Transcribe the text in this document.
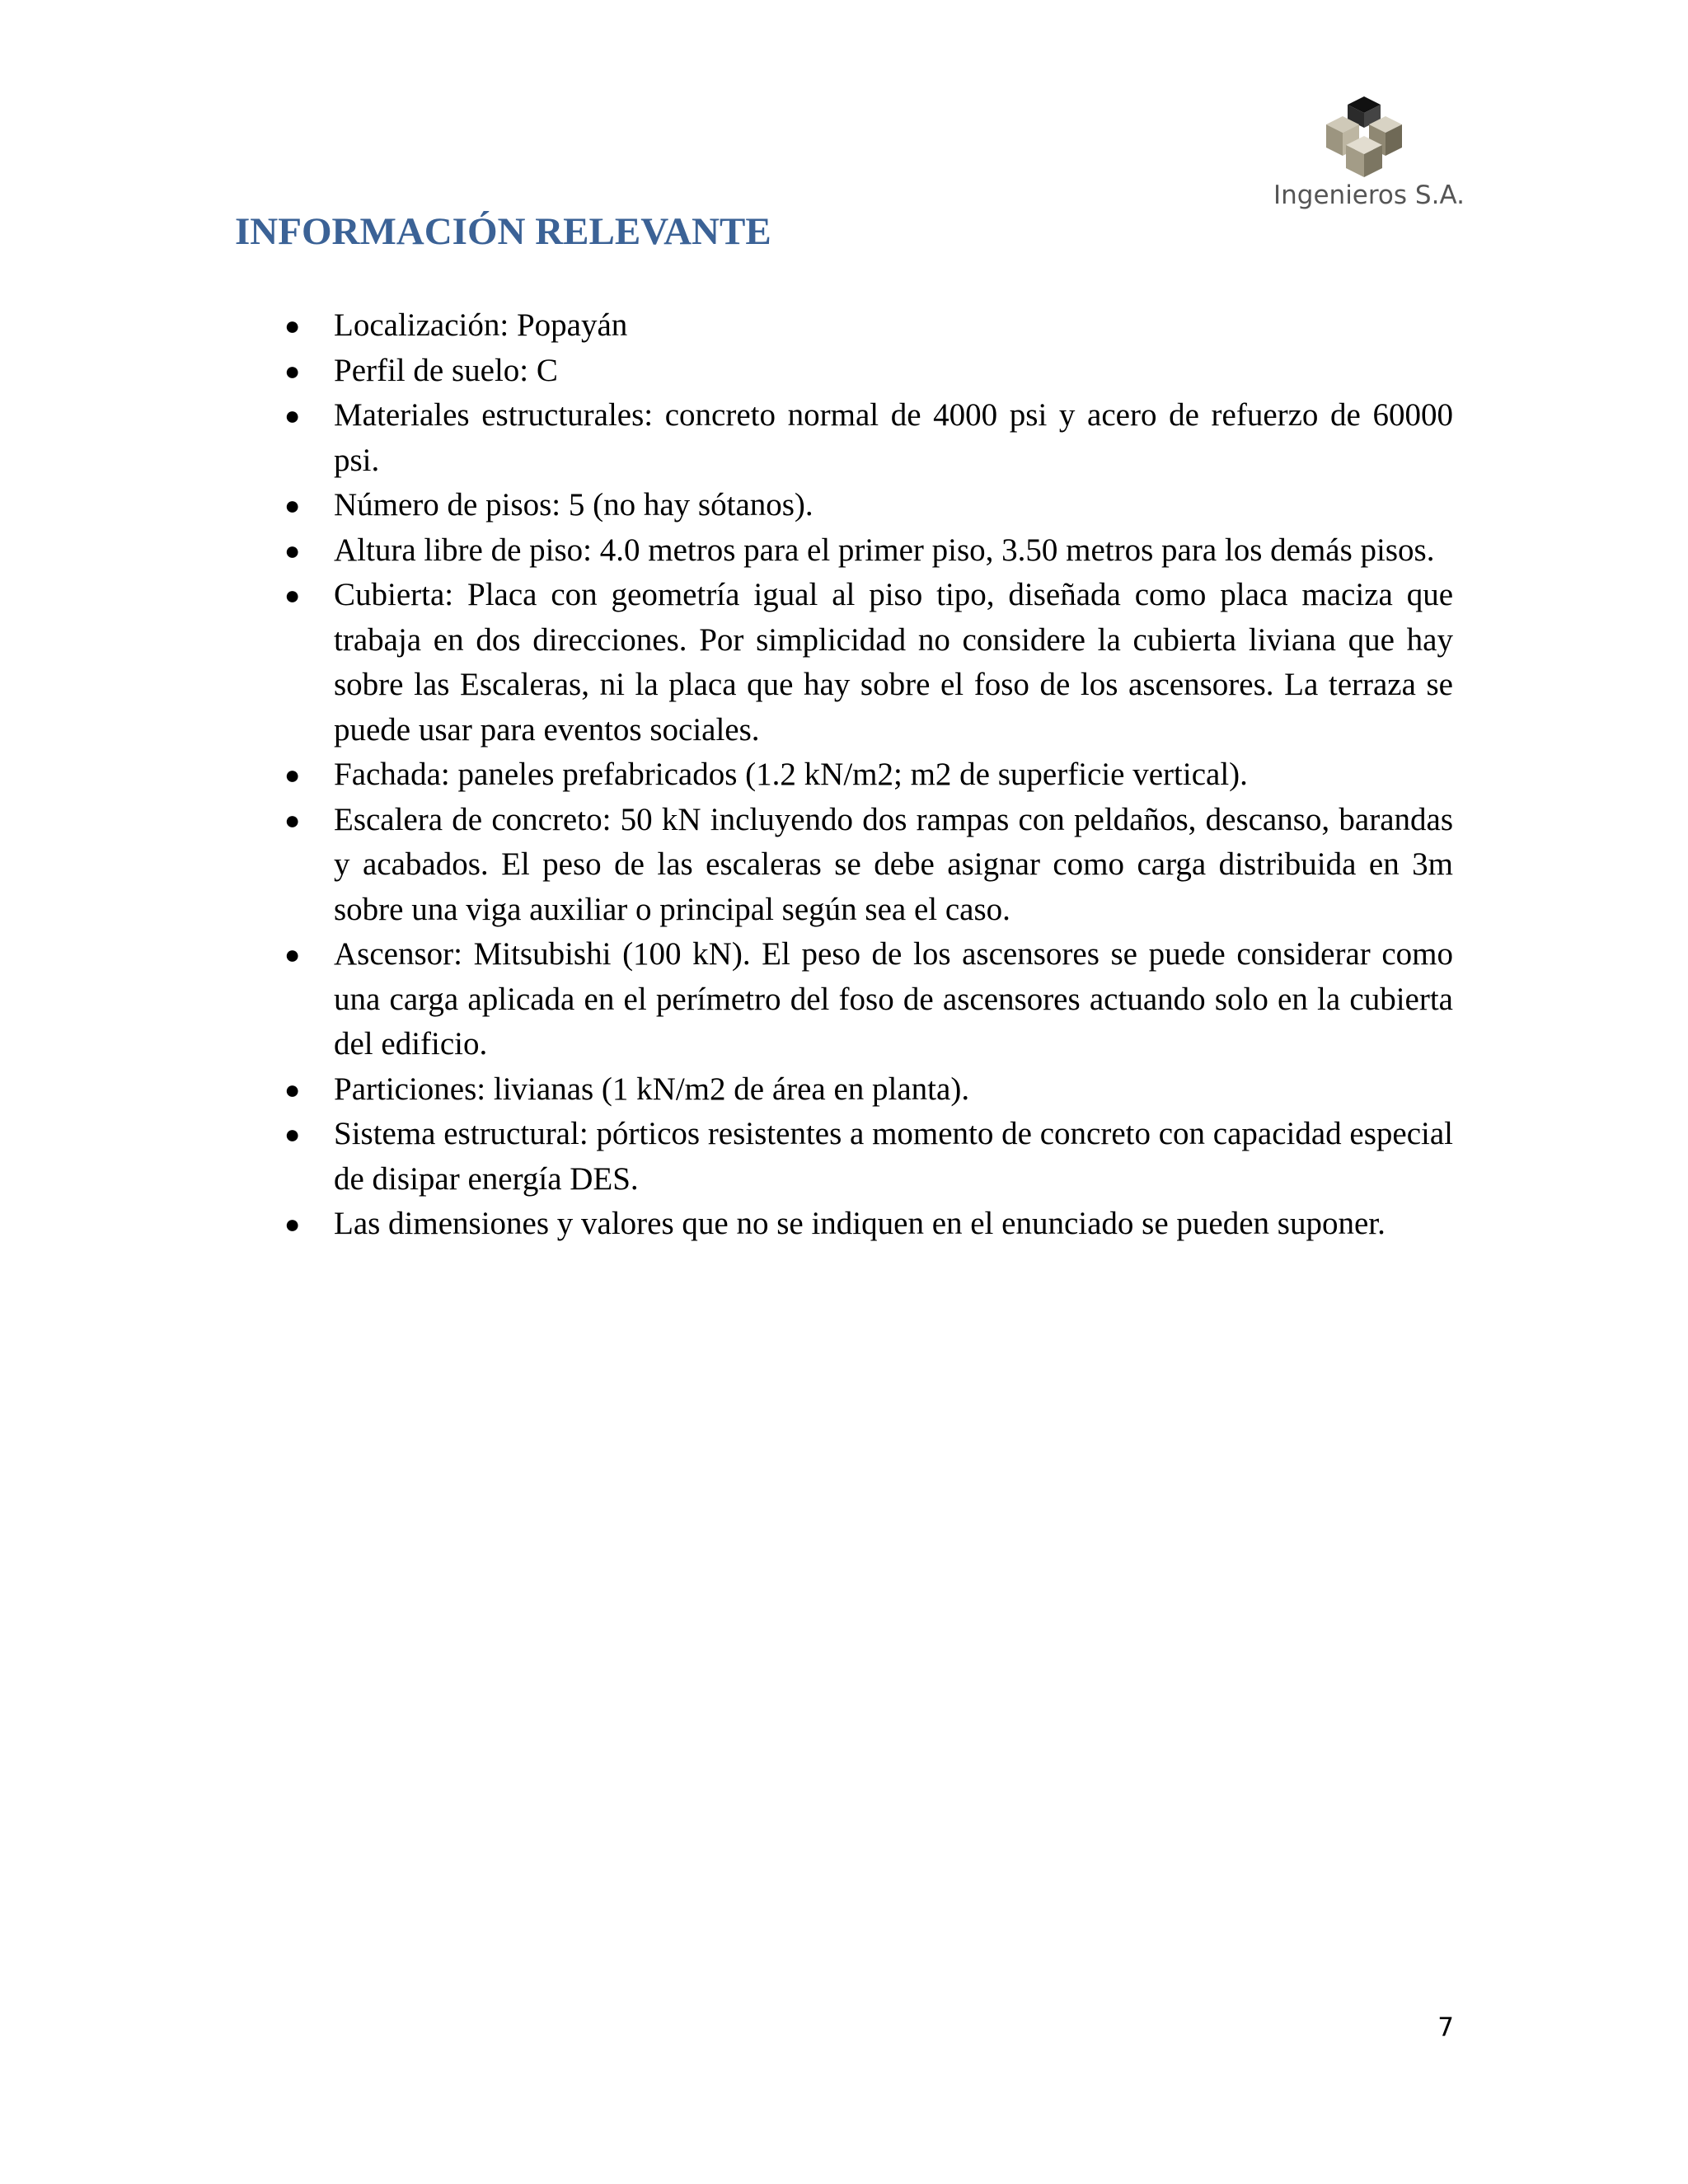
Ingenieros S.A.
INFORMACIÓN RELEVANTE
● Localización: Popayán
● Perfil de suelo: C
● Materiales estructurales: concreto normal de 4000 psi y acero de refuerzo de 60000 psi.
● Número de pisos: 5 (no hay sótanos).
● Altura libre de piso: 4.0 metros para el primer piso, 3.50 metros para los demás pisos.
● Cubierta: Placa con geometría igual al piso tipo, diseñada como placa maciza que trabaja en dos direcciones. Por simplicidad no considere la cubierta liviana que hay sobre las Escaleras, ni la placa que hay sobre el foso de los ascensores. La terraza se puede usar para eventos sociales.
● Fachada: paneles prefabricados (1.2 kN/m2; m2 de superficie vertical).
● Escalera de concreto: 50 kN incluyendo dos rampas con peldaños, descanso, barandas y acabados. El peso de las escaleras se debe asignar como carga distribuida en 3m sobre una viga auxiliar o principal según sea el caso.
● Ascensor: Mitsubishi (100 kN). El peso de los ascensores se puede considerar como una carga aplicada en el perímetro del foso de ascensores actuando solo en la cubierta del edificio.
● Particiones: livianas (1 kN/m2 de área en planta).
● Sistema estructural: pórticos resistentes a momento de concreto con capacidad especial de disipar energía DES.
● Las dimensiones y valores que no se indiquen en el enunciado se pueden suponer.
7
